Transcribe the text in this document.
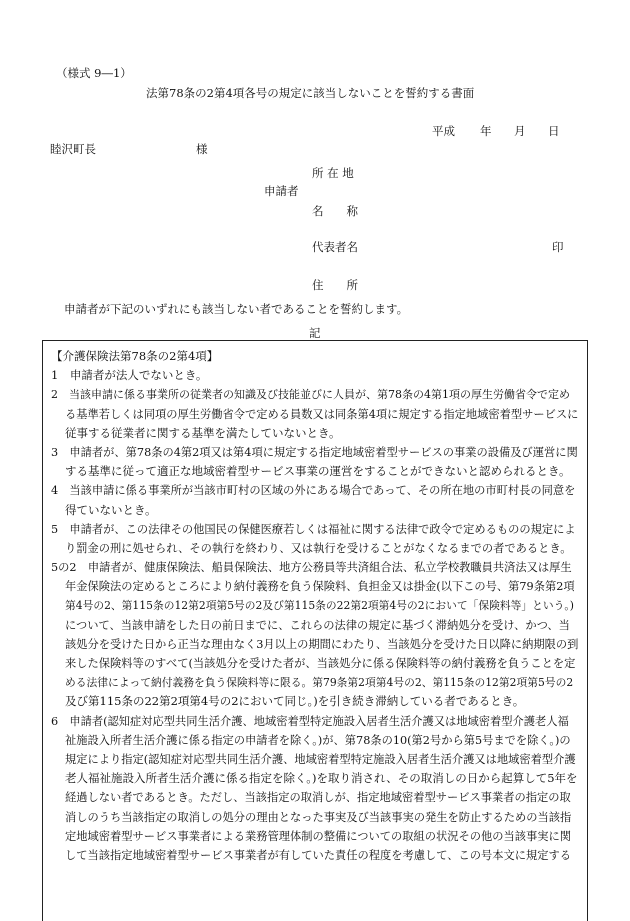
（様式 9―1）
法第78条の2第4項各号の規定に該当しないことを誓約する書面
平成 年 月 日
睦沢町長	様
所 在 地
申請者
名　　称
代表者名	印
住　　所
申請者が下記のいずれにも該当しない者であることを誓約します。
記
【介護保険法第78条の2第4項】
1　申請者が法人でないとき。
2　当該申請に係る事業所の従業者の知識及び技能並びに人員が、第78条の4第1項の厚生労働省令で定め
る基準若しくは同項の厚生労働省令で定める員数又は同条第4項に規定する指定地域密着型サービスに
従事する従業者に関する基準を満たしていないとき。
3　申請者が、第78条の4第2項又は第4項に規定する指定地域密着型サービスの事業の設備及び運営に関
する基準に従って適正な地域密着型サービス事業の運営をすることができないと認められるとき。
4　当該申請に係る事業所が当該市町村の区域の外にある場合であって、その所在地の市町村長の同意を
得ていないとき。
5　申請者が、この法律その他国民の保健医療若しくは福祉に関する法律で政令で定めるものの規定によ
り罰金の刑に処せられ、その執行を終わり、又は執行を受けることがなくなるまでの者であるとき。
5の2　申請者が、健康保険法、船員保険法、地方公務員等共済組合法、私立学校教職員共済法又は厚生
年金保険法の定めるところにより納付義務を負う保険料、負担金又は掛金(以下この号、第79条第2項
第4号の2、第115条の12第2項第5号の2及び第115条の22第2項第4号の2において「保険料等」という。)
について、当該申請をした日の前日までに、これらの法律の規定に基づく滞納処分を受け、かつ、当
該処分を受けた日から正当な理由なく3月以上の期間にわたり、当該処分を受けた日以降に納期限の到
来した保険料等のすべて(当該処分を受けた者が、当該処分に係る保険料等の納付義務を負うことを定
める法律によって納付義務を負う保険料等に限る。第79条第2項第4号の2、第115条の12第2項第5号の2
及び第115条の22第2項第4号の2において同じ。)を引き続き滞納している者であるとき。
6　申請者(認知症対応型共同生活介護、地域密着型特定施設入居者生活介護又は地域密着型介護老人福
祉施設入所者生活介護に係る指定の申請者を除く。)が、第78条の10(第2号から第5号までを除く。)の
規定により指定(認知症対応型共同生活介護、地域密着型特定施設入居者生活介護又は地域密着型介護
老人福祉施設入所者生活介護に係る指定を除く。)を取り消され、その取消しの日から起算して5年を
経過しない者であるとき。ただし、当該指定の取消しが、指定地域密着型サービス事業者の指定の取
消しのうち当該指定の取消しの処分の理由となった事実及び当該事実の発生を防止するための当該指
定地域密着型サービス事業者による業務管理体制の整備についての取組の状況その他の当該事実に関
して当該指定地域密着型サービス事業者が有していた責任の程度を考慮して、この号本文に規定する
